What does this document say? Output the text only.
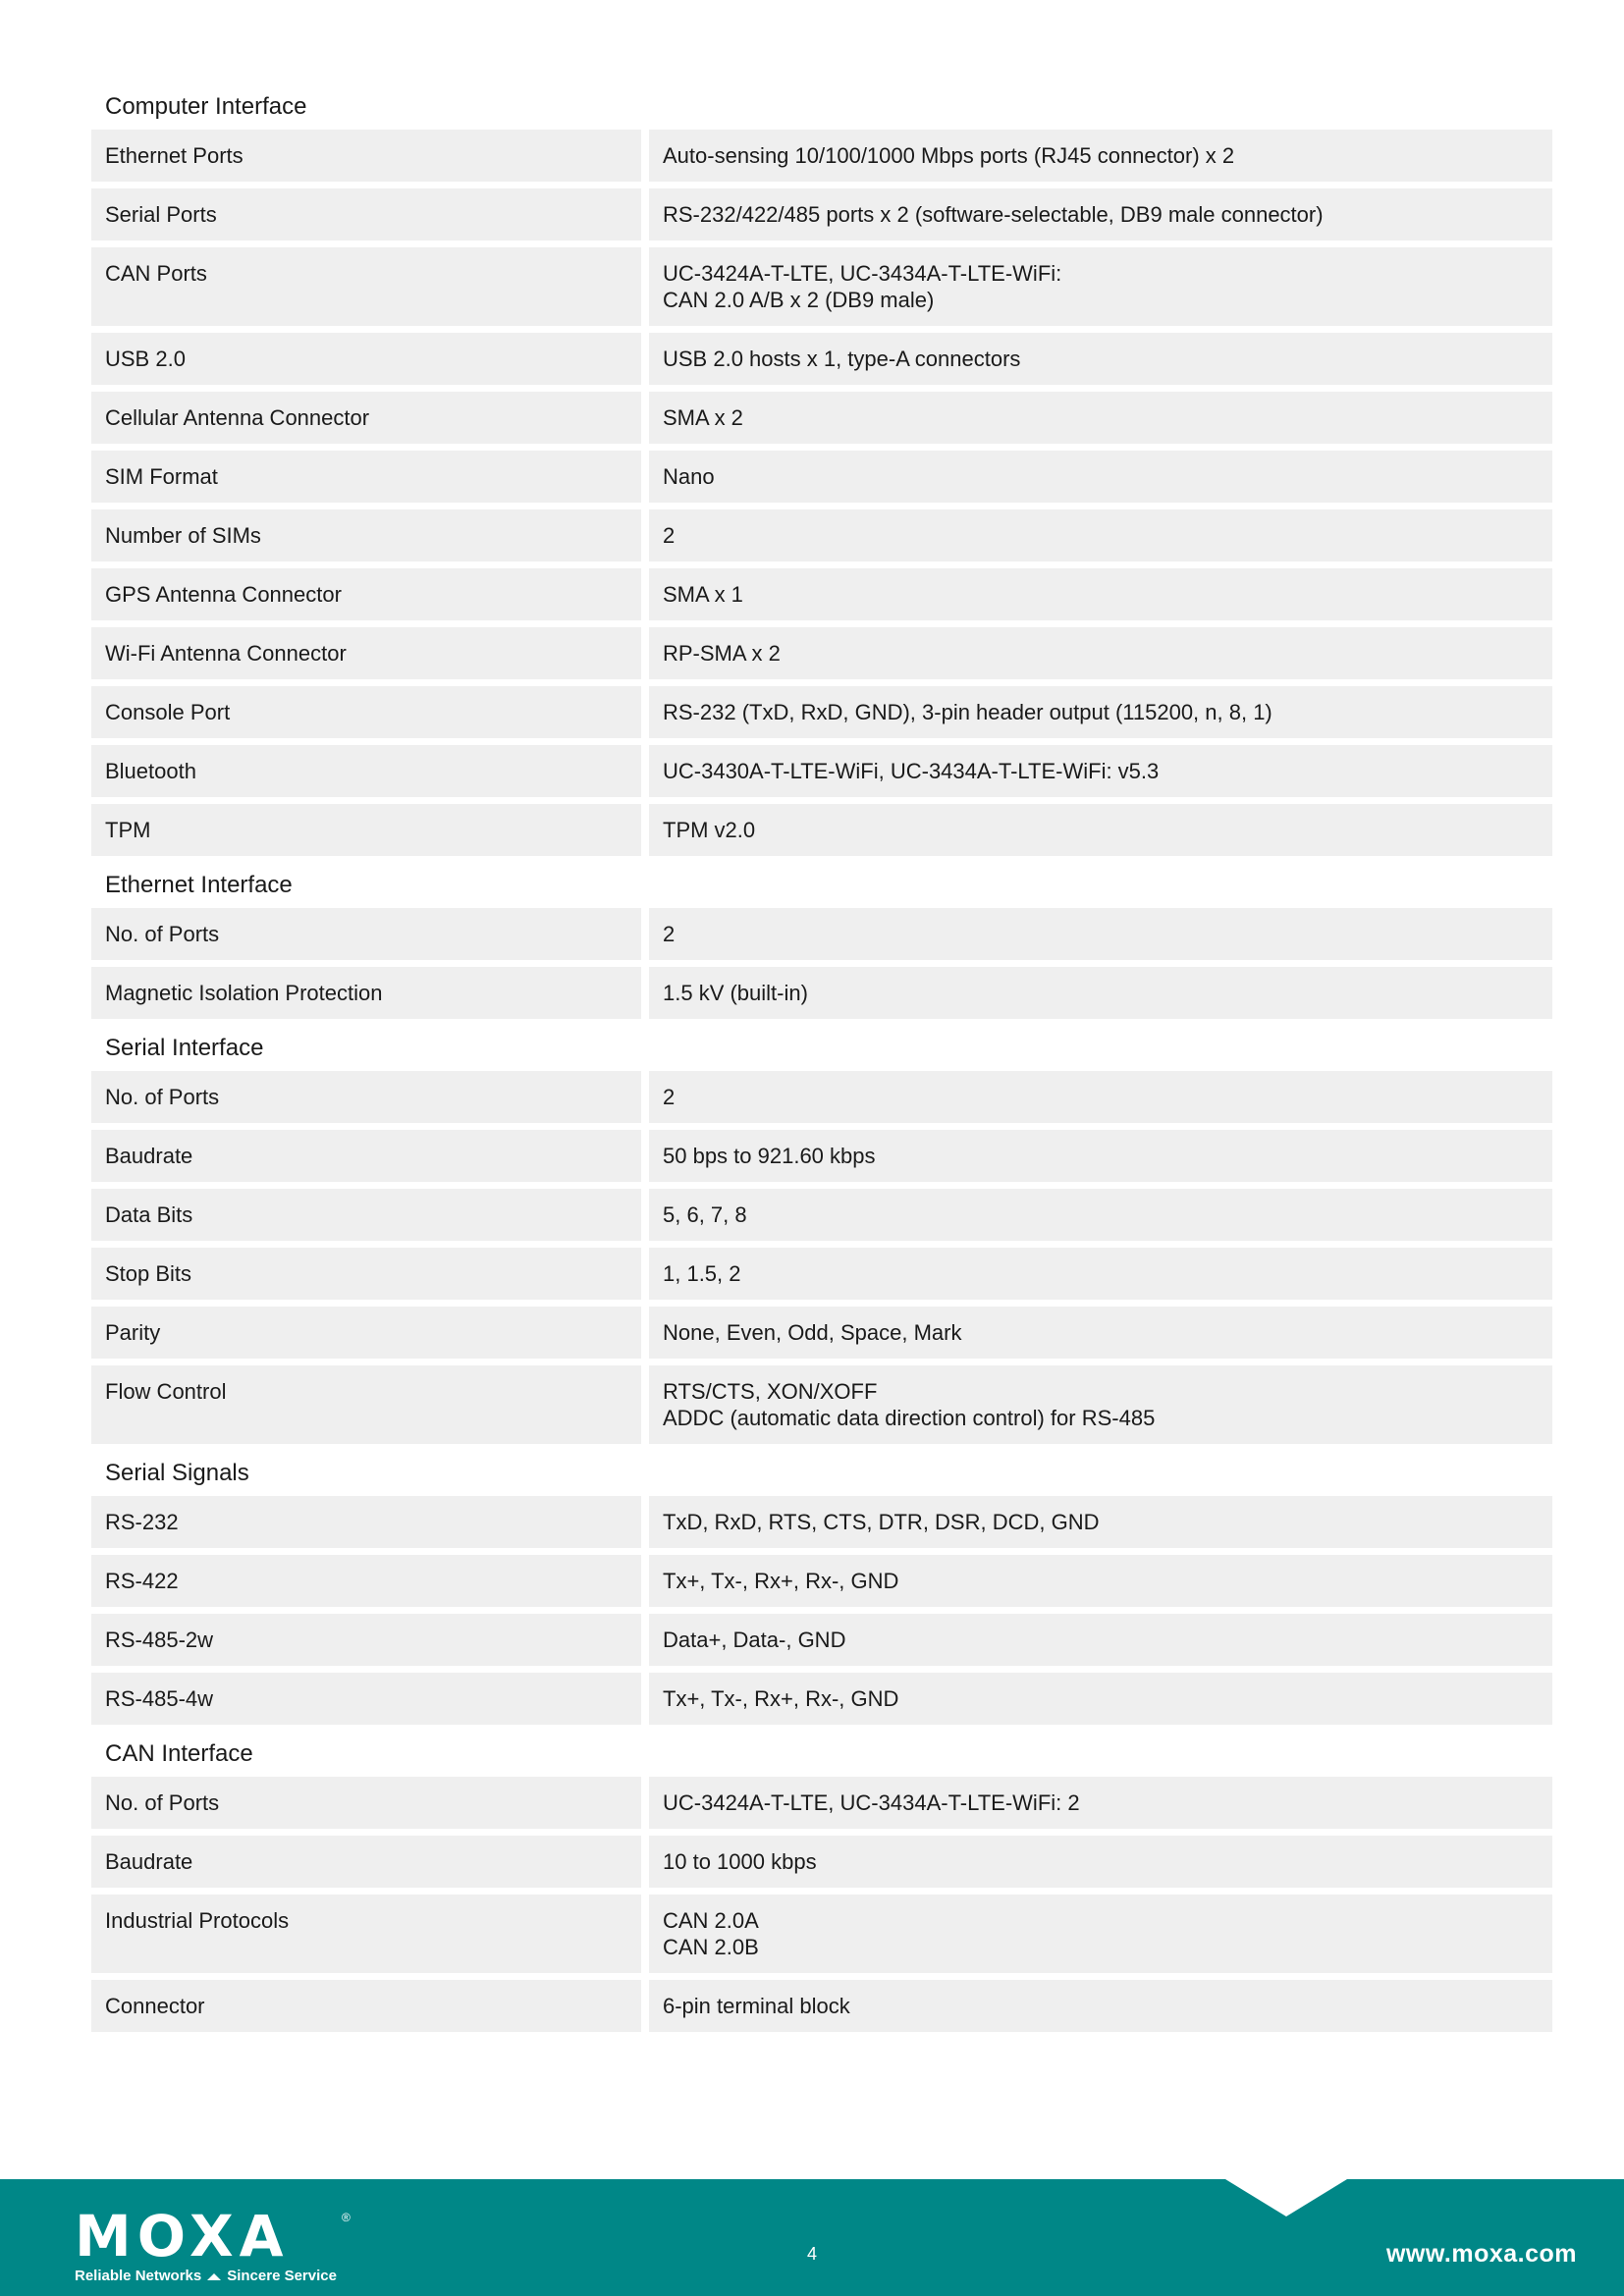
Computer Interface
Ethernet Ports	Auto-sensing 10/100/1000 Mbps ports (RJ45 connector) x 2
Serial Ports	RS-232/422/485 ports x 2 (software-selectable, DB9 male connector)
CAN Ports	UC-3424A-T-LTE, UC-3434A-T-LTE-WiFi:
CAN 2.0 A/B x 2 (DB9 male)
USB 2.0	USB 2.0 hosts x 1, type-A connectors
Cellular Antenna Connector	SMA x 2
SIM Format	Nano
Number of SIMs	2
GPS Antenna Connector	SMA x 1
Wi-Fi Antenna Connector	RP-SMA x 2
Console Port	RS-232 (TxD, RxD, GND), 3-pin header output (115200, n, 8, 1)
Bluetooth	UC-3430A-T-LTE-WiFi, UC-3434A-T-LTE-WiFi: v5.3
TPM	TPM v2.0
Ethernet Interface
No. of Ports	2
Magnetic Isolation Protection	1.5 kV (built-in)
Serial Interface
No. of Ports	2
Baudrate	50 bps to 921.60 kbps
Data Bits	5, 6, 7, 8
Stop Bits	1, 1.5, 2
Parity	None, Even, Odd, Space, Mark
Flow Control	RTS/CTS, XON/XOFF
ADDC (automatic data direction control) for RS-485
Serial Signals
RS-232	TxD, RxD, RTS, CTS, DTR, DSR, DCD, GND
RS-422	Tx+, Tx-, Rx+, Rx-, GND
RS-485-2w	Data+, Data-, GND
RS-485-4w	Tx+, Tx-, Rx+, Rx-, GND
CAN Interface
No. of Ports	UC-3424A-T-LTE, UC-3434A-T-LTE-WiFi: 2
Baudrate	10 to 1000 kbps
Industrial Protocols	CAN 2.0A
CAN 2.0B
Connector	6-pin terminal block
MOXA	®
Reliable Networks Sincere Service
4	www.moxa.com
